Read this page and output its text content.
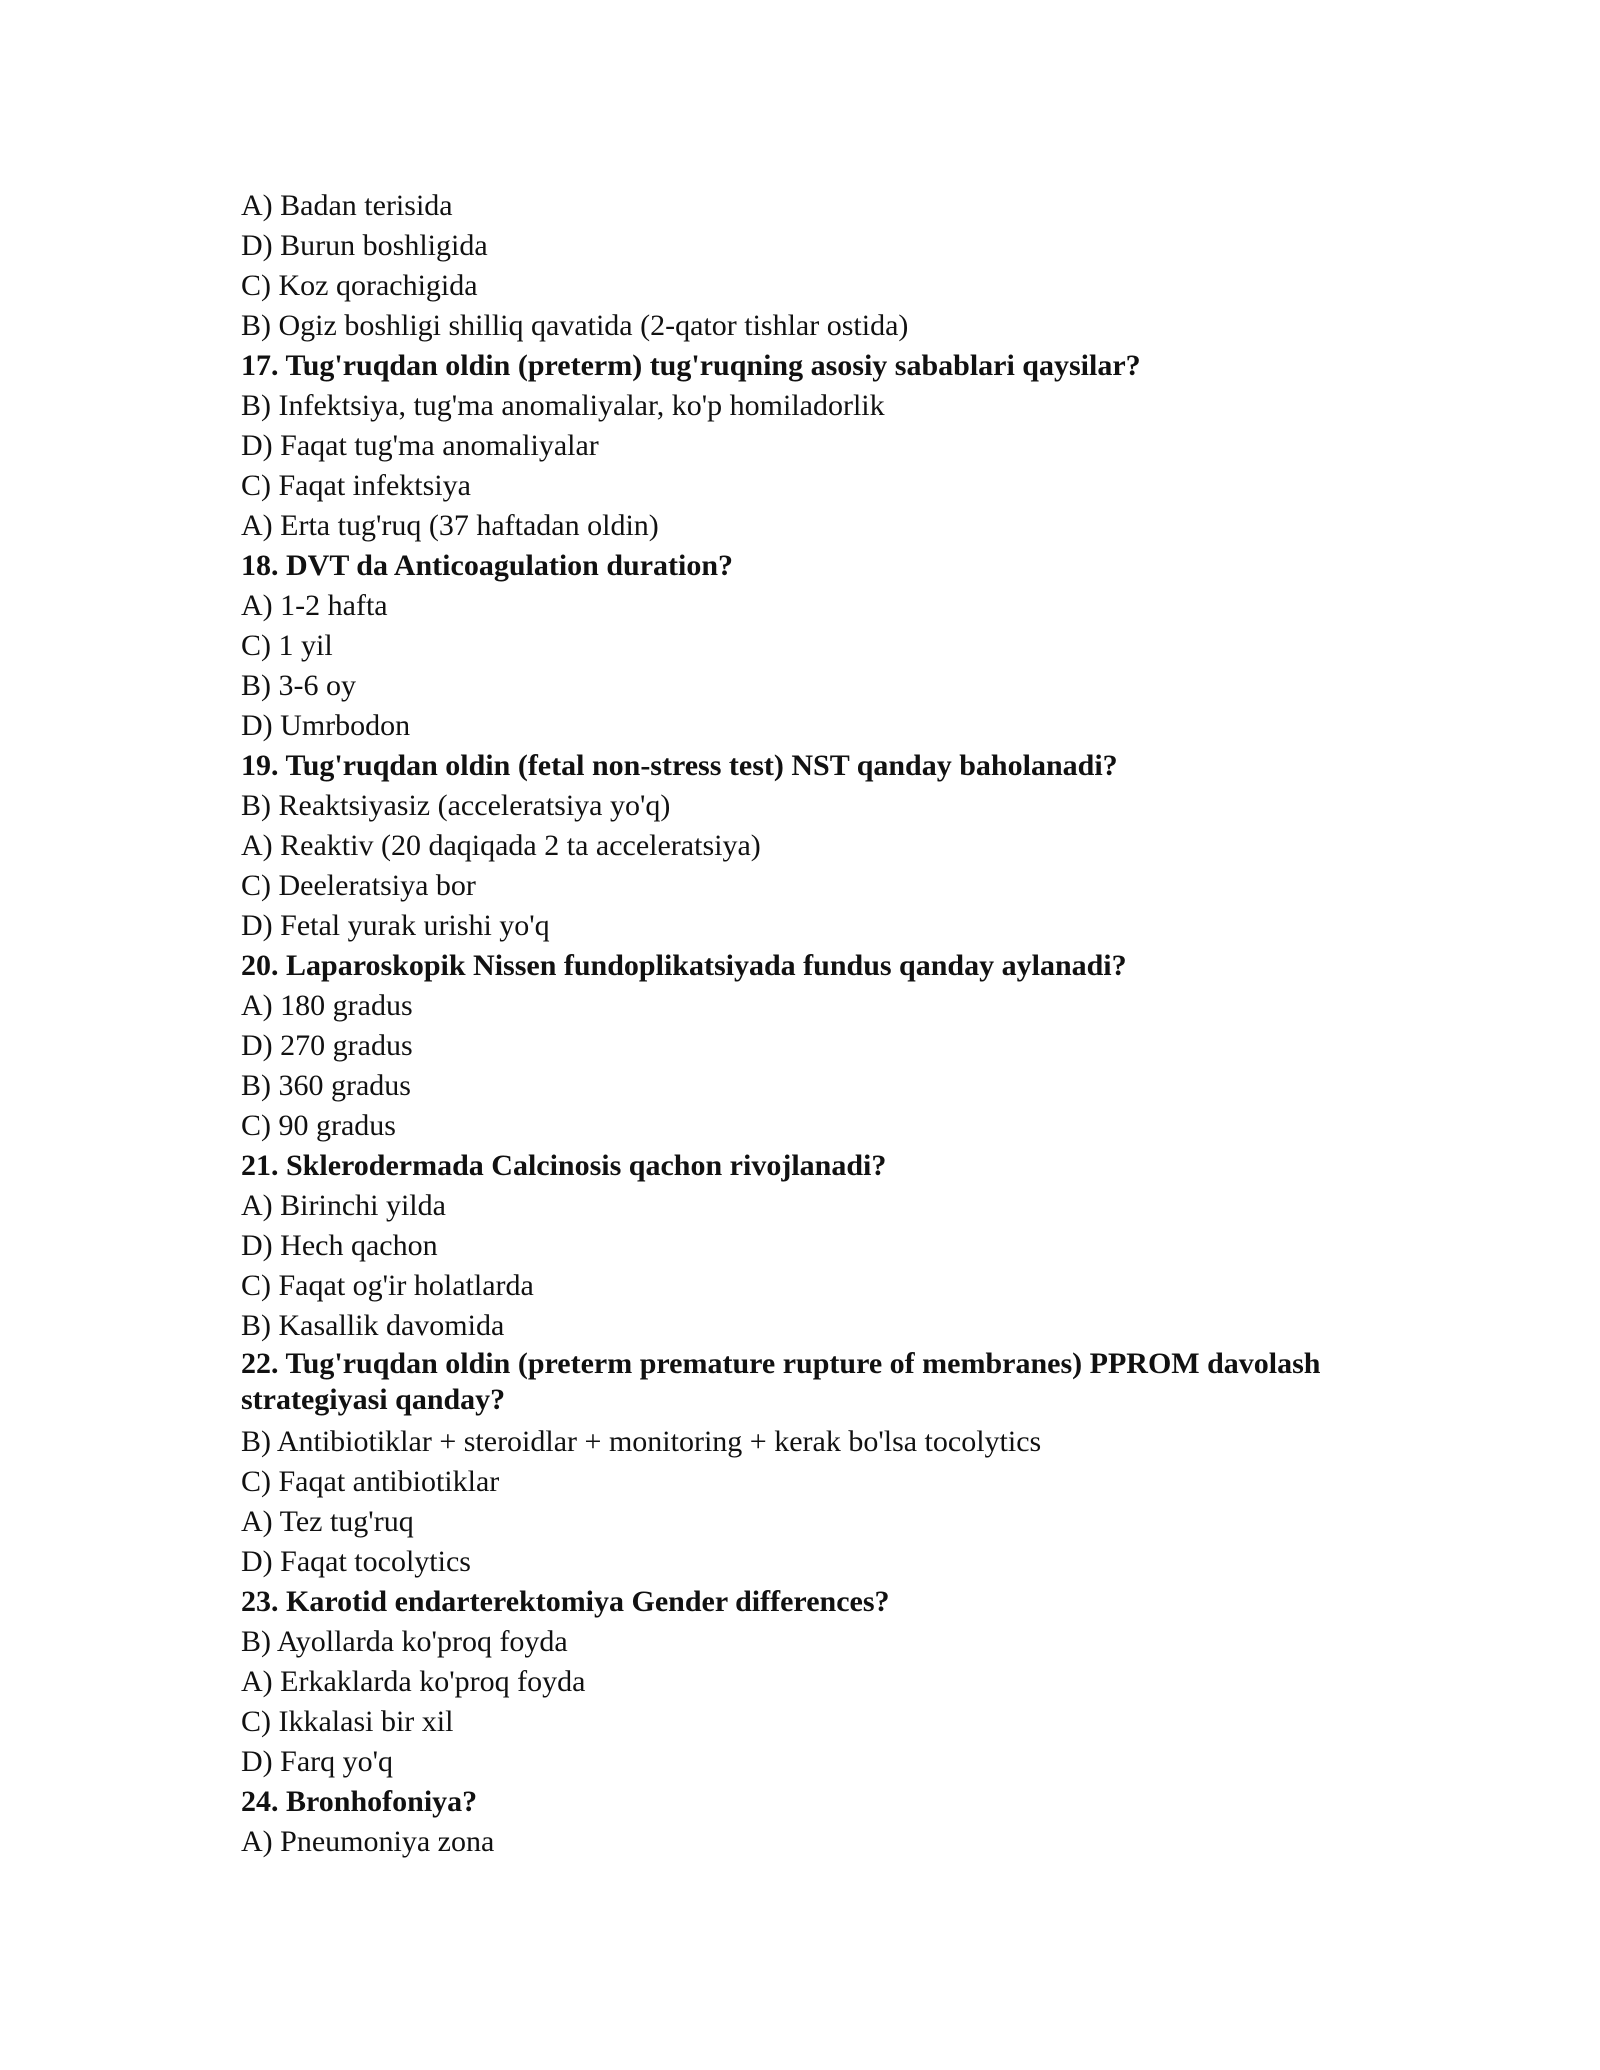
A) Badan terisida

D) Burun boshligida

C) Koz qorachigida

B) Ogiz boshligi shilliq qavatida (2-qator tishlar ostida)

17. Tug'ruqdan oldin (preterm) tug'ruqning asosiy sabablari qaysilar?

B) Infektsiya, tug'ma anomaliyalar, ko'p homiladorlik

D) Faqat tug'ma anomaliyalar

C) Faqat infektsiya

A) Erta tug'ruq (37 haftadan oldin)

18. DVT da Anticoagulation duration?

A) 1-2 hafta

C) 1 yil

B) 3-6 oy

D) Umrbodon

19. Tug'ruqdan oldin (fetal non-stress test) NST qanday baholanadi?

B) Reaktsiyasiz (acceleratsiya yo'q)

A) Reaktiv (20 daqiqada 2 ta acceleratsiya)

C) Deeleratsiya bor

D) Fetal yurak urishi yo'q

20. Laparoskopik Nissen fundoplikatsiyada fundus qanday aylanadi?

A) 180 gradus

D) 270 gradus

B) 360 gradus

C) 90 gradus

21. Sklerodermada Calcinosis qachon rivojlanadi?

A) Birinchi yilda

D) Hech qachon

C) Faqat og'ir holatlarda

B) Kasallik davomida

22. Tug'ruqdan oldin (preterm premature rupture of membranes) PPROM davolash strategiyasi qanday?

B) Antibiotiklar + steroidlar + monitoring + kerak bo'lsa tocolytics

C) Faqat antibiotiklar

A) Tez tug'ruq

D) Faqat tocolytics

23. Karotid endarterektomiya Gender differences?

B) Ayollarda ko'proq foyda

A) Erkaklarda ko'proq foyda

C) Ikkalasi bir xil

D) Farq yo'q

24. Bronhofoniya?

A) Pneumoniya zona
